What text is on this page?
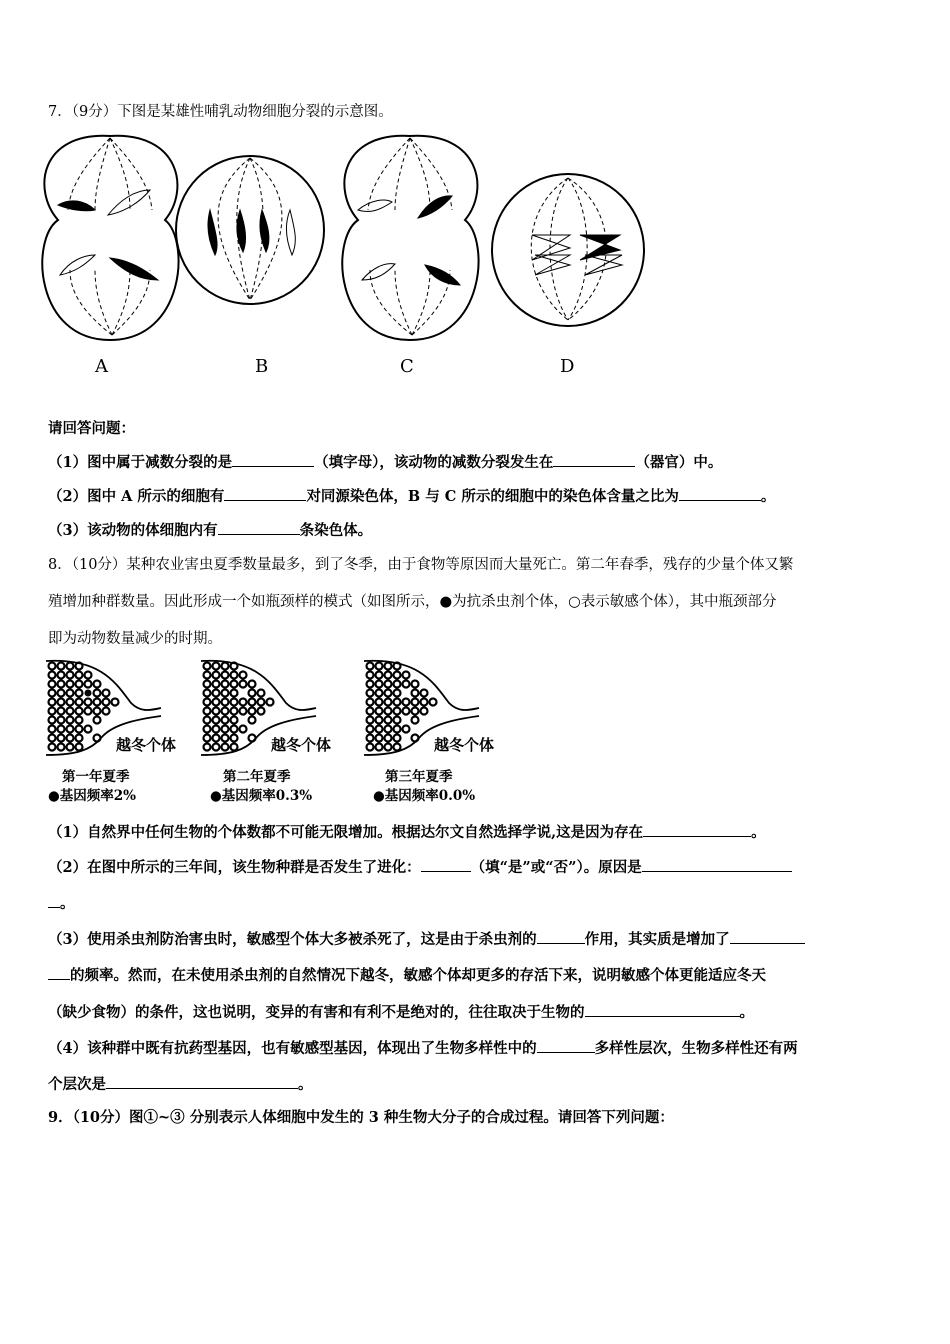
7．（9分）下图是某雄性哺乳动物细胞分裂的示意图。
A	B	C	D
请回答问题：
（1）图中属于减数分裂的是	（填字母），该动物的减数分裂发生在	（器官）中。
（2）图中 A 所示的细胞有	对同源染色体，B 与 C 所示的细胞中的染色体含量之比为	。
（3）该动物的体细胞内有	条染色体。
8．（10分）某种农业害虫夏季数量最多，到了冬季，由于食物等原因而大量死亡。第二年春季，残存的少量个体又繁
殖增加种群数量。因此形成一个如瓶颈样的模式（如图所示，●为抗杀虫剂个体，○表示敏感个体），其中瓶颈部分
即为动物数量减少的时期。
越冬个体	越冬个体	越冬个体
第一年夏季
●基因频率2%
第二年夏季
●基因频率0.3%
第三年夏季
●基因频率0.0%
（1）自然界中任何生物的个体数都不可能无限增加。根据达尔文自然选择学说,这是因为存在	。
（2）在图中所示的三年间，该生物种群是否发生了进化：	（填“是”或“否”）。原因是
。
（3）使用杀虫剂防治害虫时，敏感型个体大多被杀死了，这是由于杀虫剂的	作用，其实质是增加了
的频率。然而，在未使用杀虫剂的自然情况下越冬，敏感个体却更多的存活下来，说明敏感个体更能适应冬天
（缺少食物）的条件，这也说明，变异的有害和有利不是绝对的，往往取决于生物的	。
（4）该种群中既有抗药型基因，也有敏感型基因，体现出了生物多样性中的	多样性层次，生物多样性还有两
个层次是	。
9．（10分）图①~③ 分别表示人体细胞中发生的 3 种生物大分子的合成过程。请回答下列问题：
